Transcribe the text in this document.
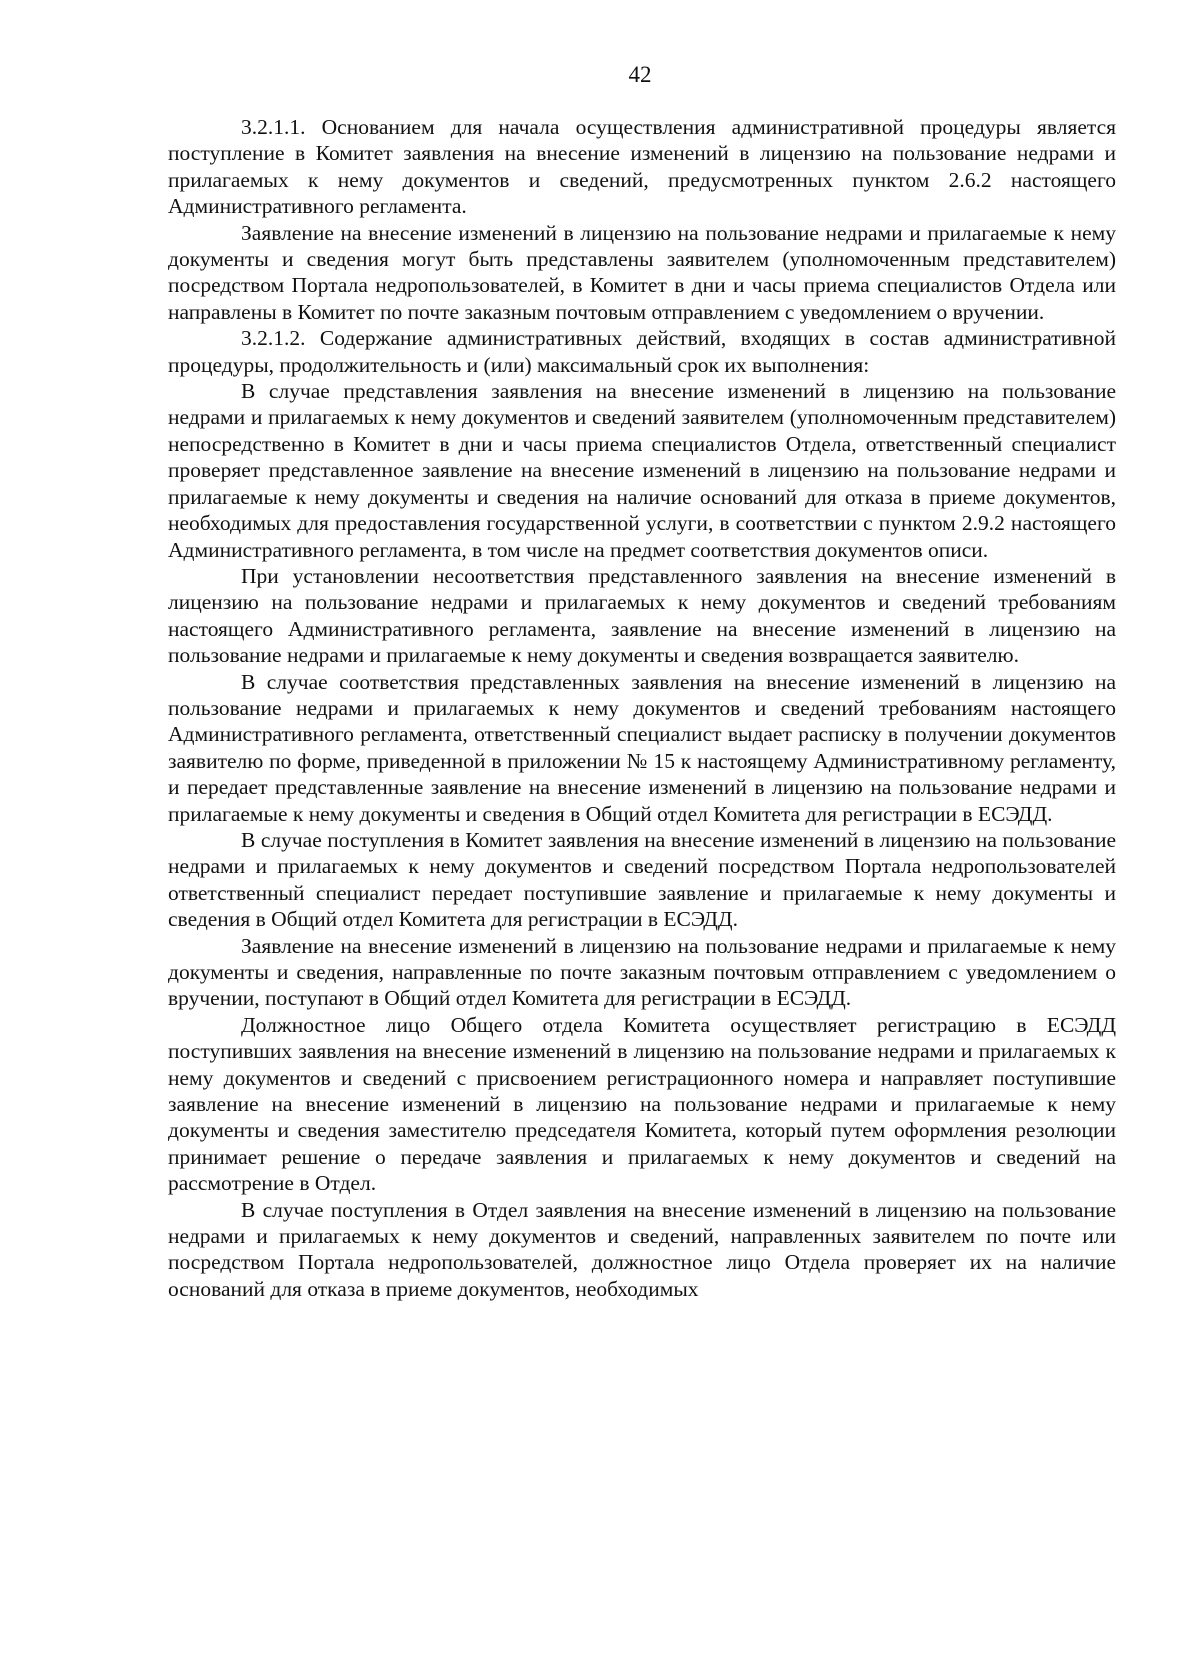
42

3.2.1.1. Основанием для начала осуществления административной процедуры является поступление в Комитет заявления на внесение изменений в лицензию на пользование недрами и прилагаемых к нему документов и сведений, предусмотренных пунктом 2.6.2 настоящего Административного регламента.

Заявление на внесение изменений в лицензию на пользование недрами и прилагаемые к нему документы и сведения могут быть представлены заявителем (уполномоченным представителем) посредством Портала недропользователей, в Комитет в дни и часы приема специалистов Отдела или направлены в Комитет по почте заказным почтовым отправлением с уведомлением о вручении.

3.2.1.2. Содержание административных действий, входящих в состав административной процедуры, продолжительность и (или) максимальный срок их выполнения:

В случае представления заявления на внесение изменений в лицензию на пользование недрами и прилагаемых к нему документов и сведений заявителем (уполномоченным представителем) непосредственно в Комитет в дни и часы приема специалистов Отдела, ответственный специалист проверяет представленное заявление на внесение изменений в лицензию на пользование недрами и прилагаемые к нему документы и сведения на наличие оснований для отказа в приеме документов, необходимых для предоставления государственной услуги, в соответствии с пунктом 2.9.2 настоящего Административного регламента, в том числе на предмет соответствия документов описи.

При установлении несоответствия представленного заявления на внесение изменений в лицензию на пользование недрами и прилагаемых к нему документов и сведений требованиям настоящего Административного регламента, заявление на внесение изменений в лицензию на пользование недрами и прилагаемые к нему документы и сведения возвращается заявителю.

В случае соответствия представленных заявления на внесение изменений в лицензию на пользование недрами и прилагаемых к нему документов и сведений требованиям настоящего Административного регламента, ответственный специалист выдает расписку в получении документов заявителю по форме, приведенной в приложении № 15 к настоящему Административному регламенту, и передает представленные заявление на внесение изменений в лицензию на пользование недрами и прилагаемые к нему документы и сведения в Общий отдел Комитета для регистрации в ЕСЭДД.

В случае поступления в Комитет заявления на внесение изменений в лицензию на пользование недрами и прилагаемых к нему документов и сведений посредством Портала недропользователей ответственный специалист передает поступившие заявление и прилагаемые к нему документы и сведения в Общий отдел Комитета для регистрации в ЕСЭДД.

Заявление на внесение изменений в лицензию на пользование недрами и прилагаемые к нему документы и сведения, направленные по почте заказным почтовым отправлением с уведомлением о вручении, поступают в Общий отдел Комитета для регистрации в ЕСЭДД.

Должностное лицо Общего отдела Комитета осуществляет регистрацию в ЕСЭДД поступивших заявления на внесение изменений в лицензию на пользование недрами и прилагаемых к нему документов и сведений с присвоением регистрационного номера и направляет поступившие заявление на внесение изменений в лицензию на пользование недрами и прилагаемые к нему документы и сведения заместителю председателя Комитета, который путем оформления резолюции принимает решение о передаче заявления и прилагаемых к нему документов и сведений на рассмотрение в Отдел.

В случае поступления в Отдел заявления на внесение изменений в лицензию на пользование недрами и прилагаемых к нему документов и сведений, направленных заявителем по почте или посредством Портала недропользователей, должностное лицо Отдела проверяет их на наличие оснований для отказа в приеме документов, необходимых
